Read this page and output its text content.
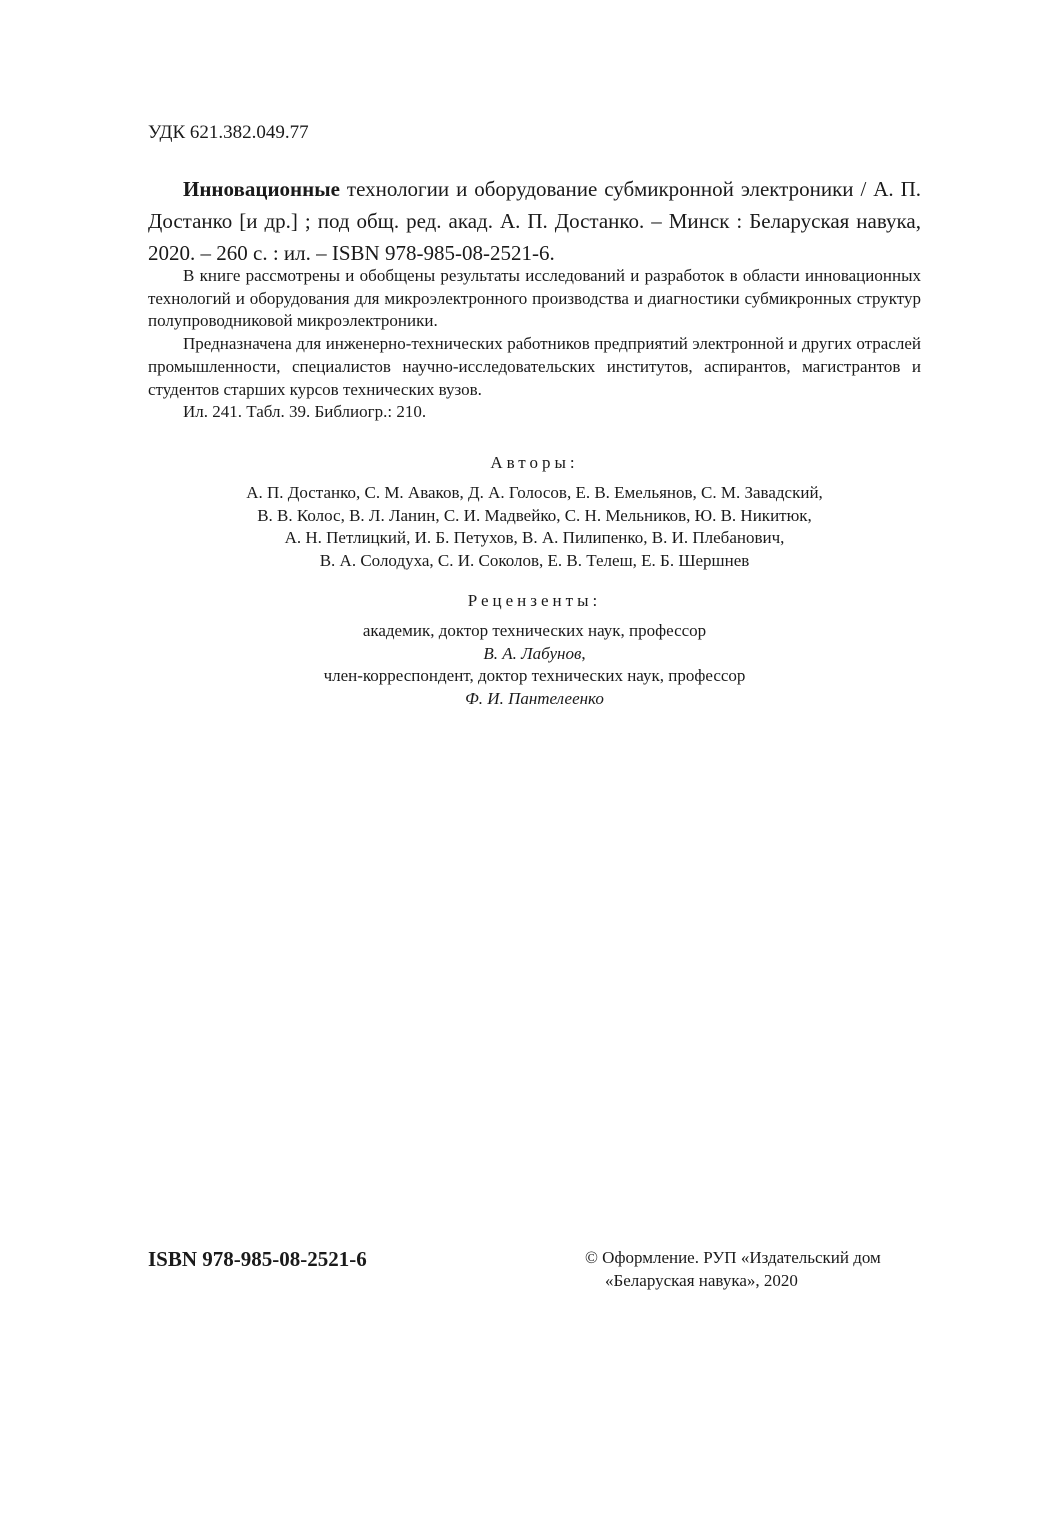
УДК 621.382.049.77
Инновационные технологии и оборудование субмикронной электроники / А. П. Достанко [и др.] ; под общ. ред. акад. А. П. Достанко. – Минск : Беларуская навука, 2020. – 260 с. : ил. – ISBN 978-985-08-2521-6.

В книге рассмотрены и обобщены результаты исследований и разработок в области инновационных технологий и оборудования для микроэлектронного производства и диагностики субмикронных структур полупроводниковой микроэлектроники.

Предназначена для инженерно-технических работников предприятий электронной и других отраслей промышленности, специалистов научно-исследовательских институтов, аспирантов, магистрантов и студентов старших курсов технических вузов.

Ил. 241. Табл. 39. Библиогр.: 210.

Авторы:
А. П. Достанко, С. М. Аваков, Д. А. Голосов, Е. В. Емельянов, С. М. Завадский,
В. В. Колос, В. Л. Ланин, С. И. Мадвейко, С. Н. Мельников, Ю. В. Никитюк,
А. Н. Петлицкий, И. Б. Петухов, В. А. Пилипенко, В. И. Плебанович,
В. А. Солодуха, С. И. Соколов, Е. В. Телеш, Е. Б. Шершнев
Рецензенты:
академик, доктор технических наук, профессор
В. А. Лабунов,
член-корреспондент, доктор технических наук, профессор
Ф. И. Пантелеенко
ISBN 978-985-08-2521-6	© Оформление. РУП «Издательский дом
«Беларуская навука», 2020
